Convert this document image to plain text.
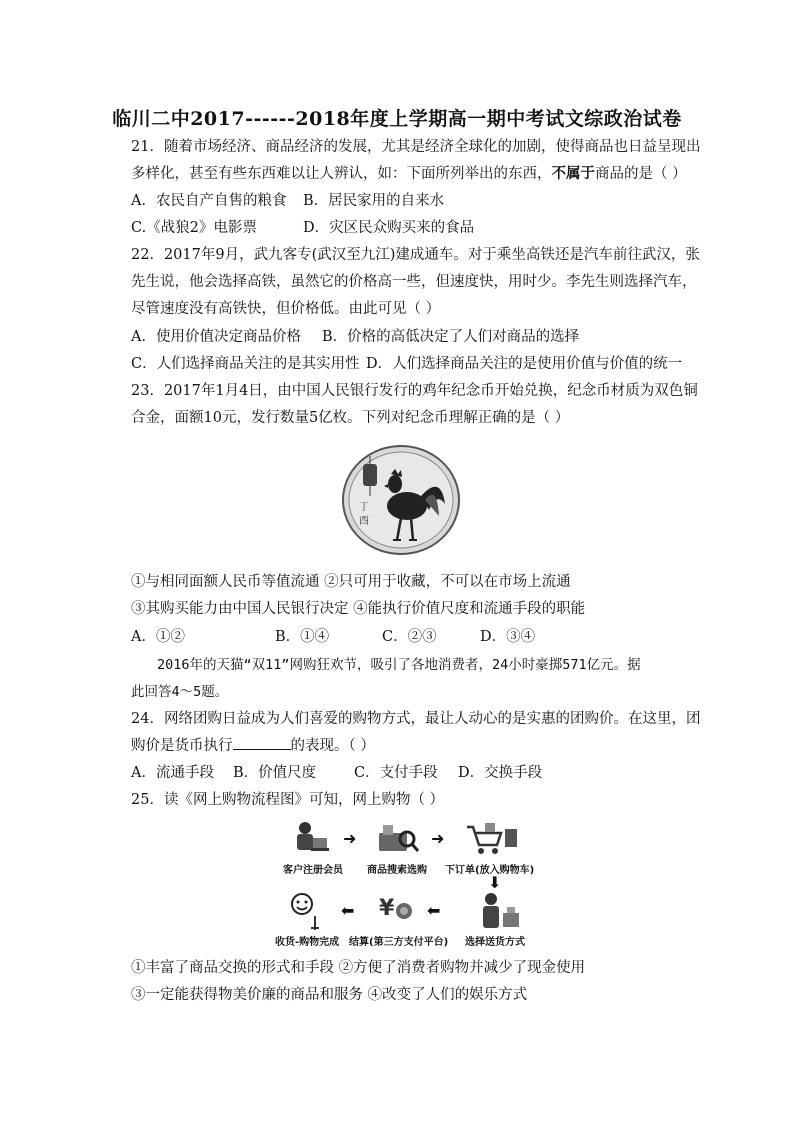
临川二中2017------2018年度上学期高一期中考试文综政治试卷
21．随着市场经济、商品经济的发展，尤其是经济全球化的加剧，使得商品也日益呈现出
多样化，甚至有些东西难以让人辨认，如：下面所列举出的东西，不属于商品的是（ ）
A．农民自产自售的粮食 B．居民家用的自来水
C.《战狼2》电影票	D．灾区民众购买来的食品
22．2017年9月，武九客专(武汉至九江)建成通车。对于乘坐高铁还是汽车前往武汉，张
先生说，他会选择高铁，虽然它的价格高一些，但速度快，用时少。李先生则选择汽车，
尽管速度没有高铁快，但价格低。由此可见（ ）
A．使用价值决定商品价格 B．价格的高低决定了人们对商品的选择
C．人们选择商品关注的是其实用性 D．人们选择商品关注的是使用价值与价值的统一
23．2017年1月4日，由中国人民银行发行的鸡年纪念币开始兑换，纪念币材质为双色铜
合金，面额10元，发行数量5亿枚。下列对纪念币理解正确的是（ ）
丁
酉
①与相同面额人民币等值流通 ②只可用于收藏，不可以在市场上流通
③其购买能力由中国人民银行决定 ④能执行价值尺度和流通手段的职能
A．①②	B．①④	C．②③	D．③④
2016年的天猫“双11”网购狂欢节，吸引了各地消费者，24小时豪掷571亿元。据
此回答4～5题。
24．网络团购日益成为人们喜爱的购物方式，最让人动心的是实惠的团购价。在这里，团
购价是货币执行	的表现。（ ）
A．流通手段 B．价值尺度	C．支付手段 D．交换手段
25．读《网上购物流程图》可知，网上购物（ ）
➜	➜
客户注册会员 商品搜索选购 下订单(放入购物车)
⬇
⬅ ¥ ⬅
收货-购物完成 结算(第三方支付平台) 选择送货方式
①丰富了商品交换的形式和手段 ②方便了消费者购物并减少了现金使用
③一定能获得物美价廉的商品和服务 ④改变了人们的娱乐方式
